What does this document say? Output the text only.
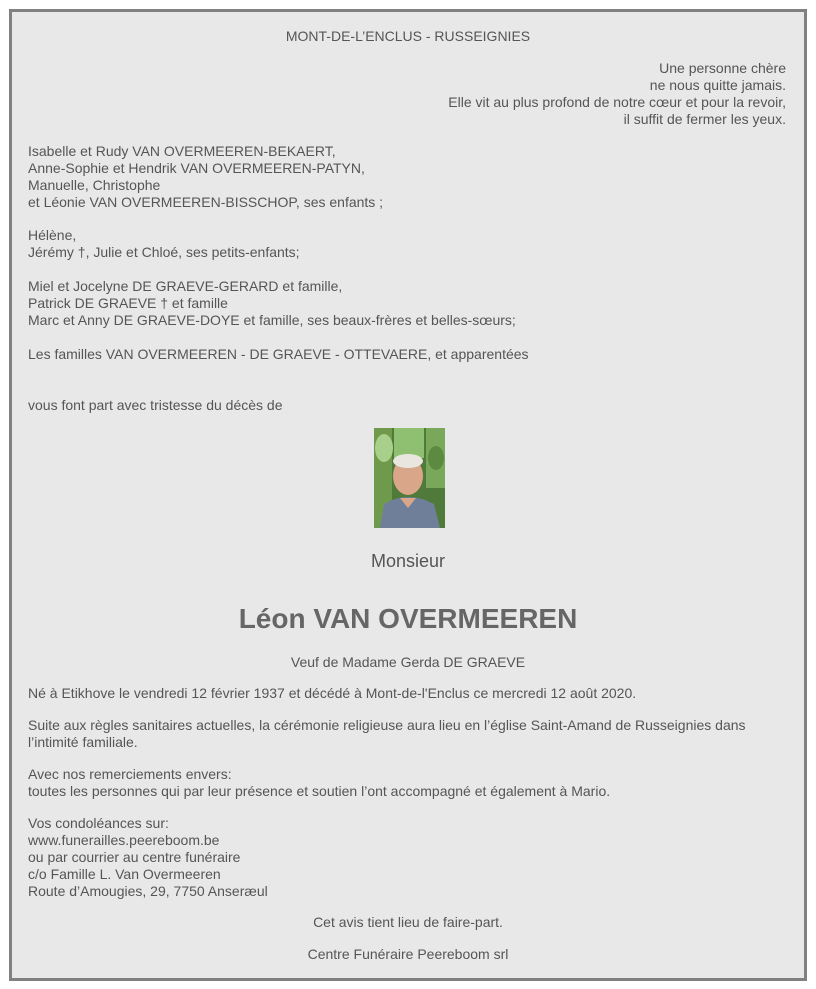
MONT-DE-L’ENCLUS - RUSSEIGNIES
Une personne chère
ne nous quitte jamais.
Elle vit au plus profond de notre cœur et pour la revoir,
il suffit de fermer les yeux.
Isabelle et Rudy VAN OVERMEEREN-BEKAERT,
Anne-Sophie et Hendrik VAN OVERMEEREN-PATYN,
Manuelle, Christophe
et Léonie VAN OVERMEEREN-BISSCHOP, ses enfants ;
Hélène,
Jérémy †, Julie et Chloé, ses petits-enfants;
Miel et Jocelyne DE GRAEVE-GERARD et famille,
Patrick DE GRAEVE † et famille
Marc et Anny DE GRAEVE-DOYE et famille, ses beaux-frères et belles-sœurs;
Les familles VAN OVERMEEREN - DE GRAEVE - OTTEVAERE, et apparentées
vous font part avec tristesse du décès de
Monsieur
Léon VAN OVERMEEREN
Veuf de Madame Gerda DE GRAEVE
Né à Etikhove le vendredi 12 février 1937 et décédé à Mont-de-l'Enclus ce mercredi 12 août 2020.
Suite aux règles sanitaires actuelles, la cérémonie religieuse aura lieu en l’église Saint-Amand de Russeignies dans
l’intimité familiale.
Avec nos remerciements envers:
toutes les personnes qui par leur présence et soutien l’ont accompagné et également à Mario.
Vos condoléances sur:
www.funerailles.peereboom.be
ou par courrier au centre funéraire
c/o Famille L. Van Overmeeren
Route d’Amougies, 29, 7750 Anseræul
Cet avis tient lieu de faire-part.
Centre Funéraire Peereboom srl
